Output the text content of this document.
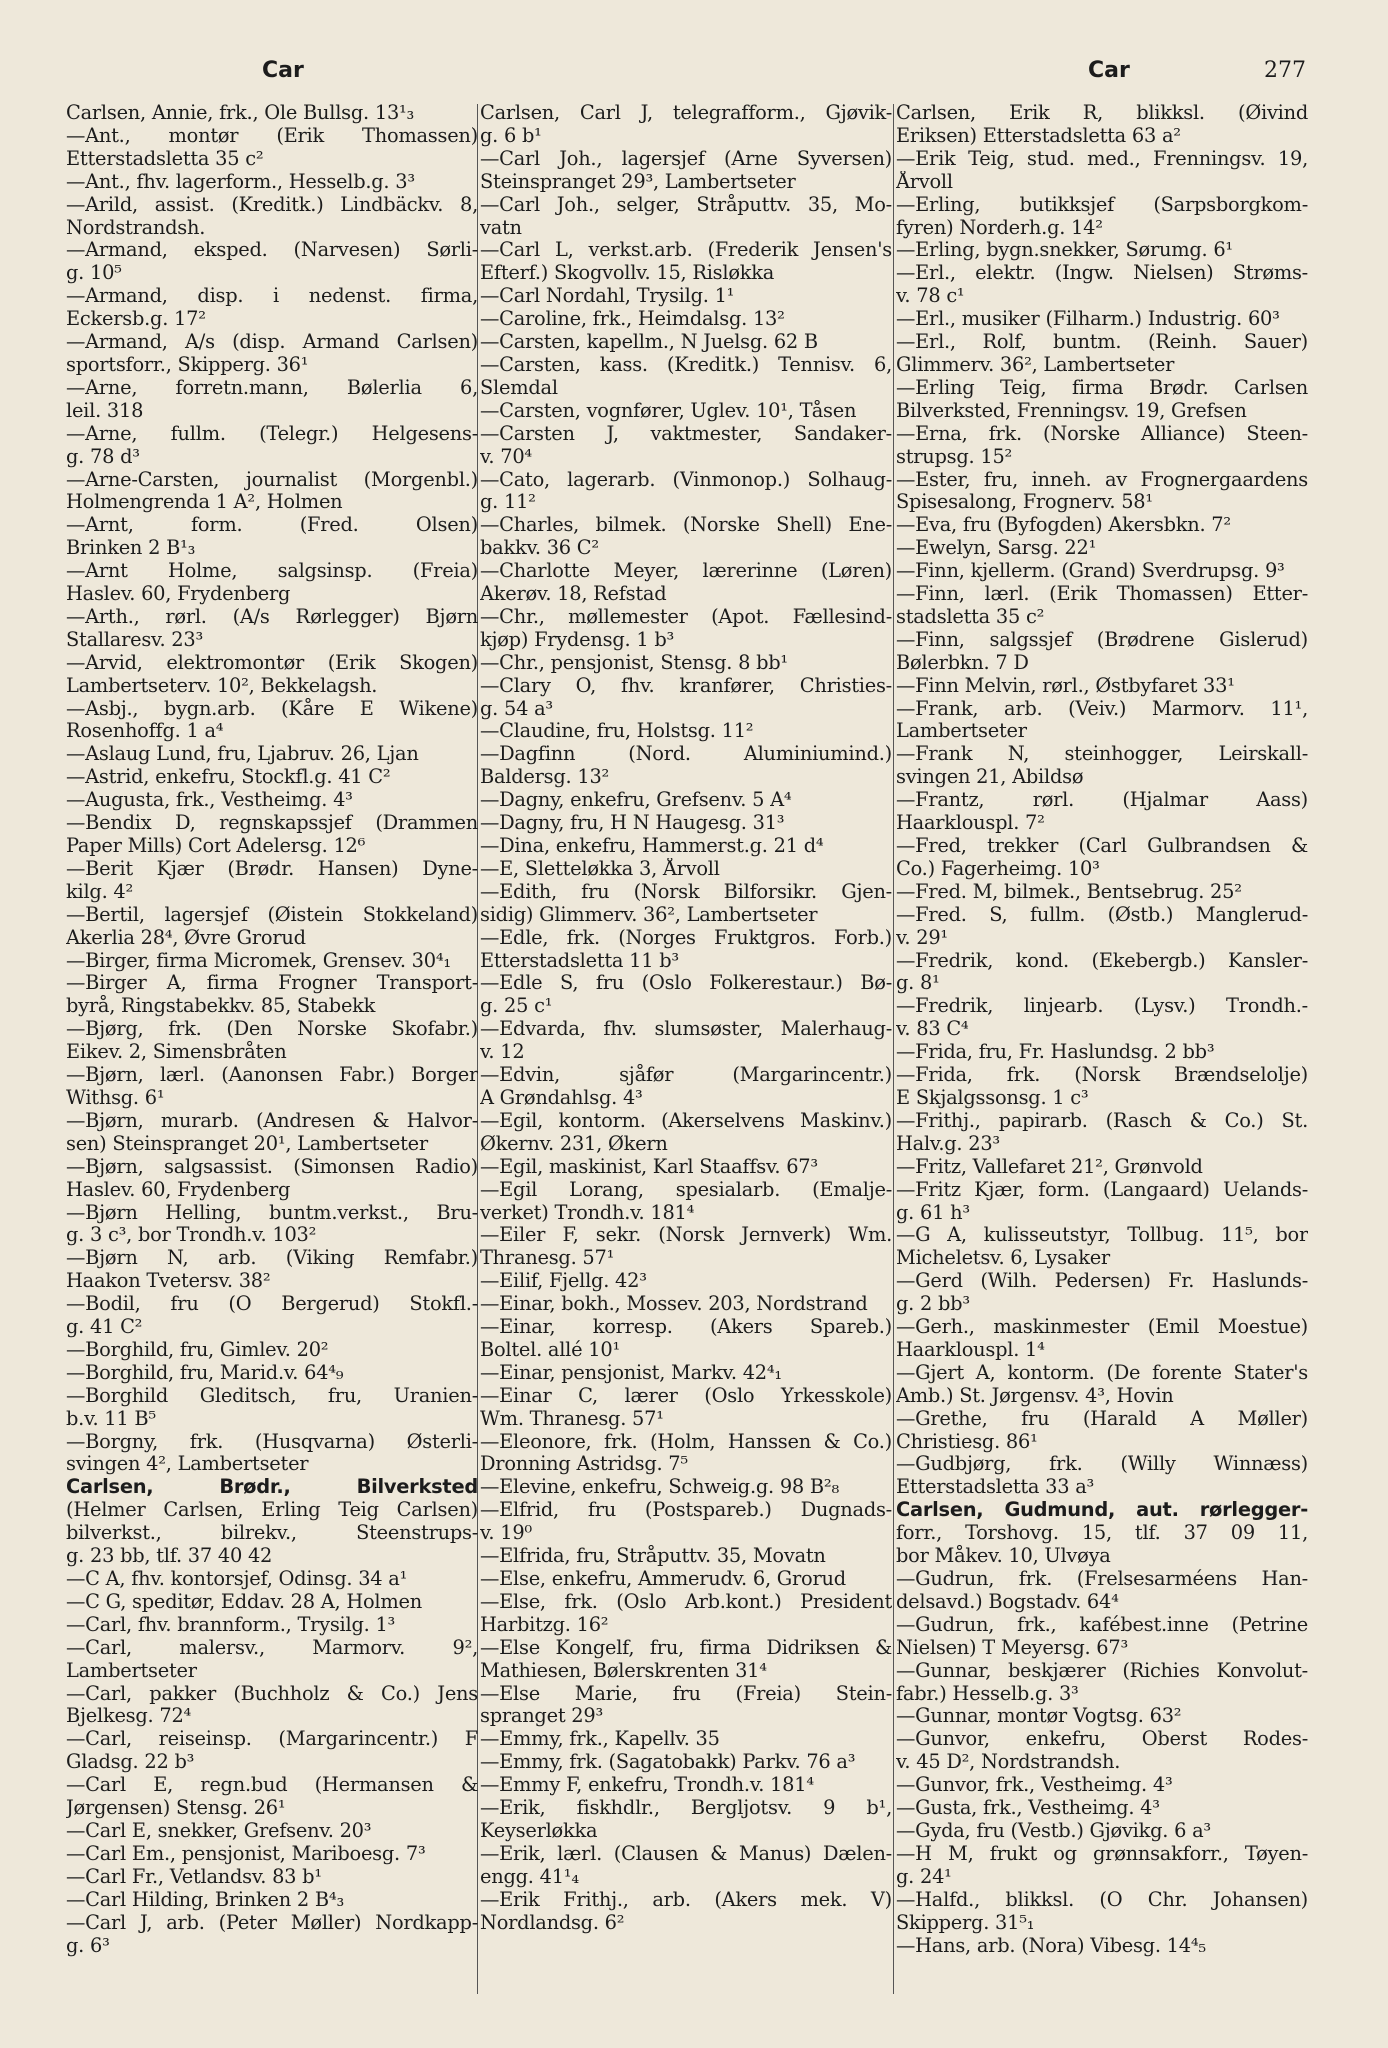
Car	Car	277
Carlsen, Annie, frk., Ole Bullsg. 13¹₃
—Ant., montør (Erik Thomassen)
Etterstadsletta 35 c²
—Ant., fhv. lagerform., Hesselb.g. 3³
—Arild, assist. (Kreditk.) Lindbäckv. 8,
Nordstrandsh.
—Armand, eksped. (Narvesen) Sørli-
g. 10⁵
—Armand, disp. i nedenst. firma,
Eckersb.g. 17²
—Armand, A/s (disp. Armand Carlsen)
sportsforr., Skipperg. 36¹
—Arne, forretn.mann, Bølerlia 6,
leil. 318
—Arne, fullm. (Telegr.) Helgesens-
g. 78 d³
—Arne-Carsten, journalist (Morgenbl.)
Holmengrenda 1 A², Holmen
—Arnt, form. (Fred. Olsen)
Brinken 2 B¹₃
—Arnt Holme, salgsinsp. (Freia)
Haslev. 60, Frydenberg
—Arth., rørl. (A/s Rørlegger) Bjørn
Stallaresv. 23³
—Arvid, elektromontør (Erik Skogen)
Lambertseterv. 10², Bekkelagsh.
—Asbj., bygn.arb. (Kåre E Wikene)
Rosenhoffg. 1 a⁴
—Aslaug Lund, fru, Ljabruv. 26, Ljan
—Astrid, enkefru, Stockfl.g. 41 C²
—Augusta, frk., Vestheimg. 4³
—Bendix D, regnskapssjef (Drammen
Paper Mills) Cort Adelersg. 12⁶
—Berit Kjær (Brødr. Hansen) Dyne-
kilg. 4²
—Bertil, lagersjef (Øistein Stokkeland)
Akerlia 28⁴, Øvre Grorud
—Birger, firma Micromek, Grensev. 30⁴₁
—Birger A, firma Frogner Transport-
byrå, Ringstabekkv. 85, Stabekk
—Bjørg, frk. (Den Norske Skofabr.)
Eikev. 2, Simensbråten
—Bjørn, lærl. (Aanonsen Fabr.) Borger
Withsg. 6¹
—Bjørn, murarb. (Andresen & Halvor-
sen) Steinspranget 20¹, Lambertseter
—Bjørn, salgsassist. (Simonsen Radio)
Haslev. 60, Frydenberg
—Bjørn Helling, buntm.verkst., Bru-
g. 3 c³, bor Trondh.v. 103²
—Bjørn N, arb. (Viking Remfabr.)
Haakon Tvetersv. 38²
—Bodil, fru (O Bergerud) Stokfl.-
g. 41 C²
—Borghild, fru, Gimlev. 20²
—Borghild, fru, Marid.v. 64⁴₉
—Borghild Gleditsch, fru, Uranien-
b.v. 11 B⁵
—Borgny, frk. (Husqvarna) Østerli-
svingen 4², Lambertseter
Carlsen, Brødr., Bilverksted
(Helmer Carlsen, Erling Teig Carlsen)
bilverkst., bilrekv., Steenstrups-
g. 23 bb, tlf. 37 40 42
—C A, fhv. kontorsjef, Odinsg. 34 a¹
—C G, speditør, Eddav. 28 A, Holmen
—Carl, fhv. brannform., Trysilg. 1³
—Carl, malersv., Marmorv. 9²,
Lambertseter
—Carl, pakker (Buchholz & Co.) Jens
Bjelkesg. 72⁴
—Carl, reiseinsp. (Margarincentr.) F
Gladsg. 22 b³
—Carl E, regn.bud (Hermansen &
Jørgensen) Stensg. 26¹
—Carl E, snekker, Grefsenv. 20³
—Carl Em., pensjonist, Mariboesg. 7³
—Carl Fr., Vetlandsv. 83 b¹
—Carl Hilding, Brinken 2 B⁴₃
—Carl J, arb. (Peter Møller) Nordkapp-
g. 6³
Carlsen, Carl J, telegrafform., Gjøvik-
g. 6 b¹
—Carl Joh., lagersjef (Arne Syversen)
Steinspranget 29³, Lambertseter
—Carl Joh., selger, Stråputtv. 35, Mo-
vatn
—Carl L, verkst.arb. (Frederik Jensen's
Efterf.) Skogvollv. 15, Risløkka
—Carl Nordahl, Trysilg. 1¹
—Caroline, frk., Heimdalsg. 13²
—Carsten, kapellm., N Juelsg. 62 B
—Carsten, kass. (Kreditk.) Tennisv. 6,
Slemdal
—Carsten, vognfører, Uglev. 10¹, Tåsen
—Carsten J, vaktmester, Sandaker-
v. 70⁴
—Cato, lagerarb. (Vinmonop.) Solhaug-
g. 11²
—Charles, bilmek. (Norske Shell) Ene-
bakkv. 36 C²
—Charlotte Meyer, lærerinne (Løren)
Akerøv. 18, Refstad
—Chr., møllemester (Apot. Fællesind-
kjøp) Frydensg. 1 b³
—Chr., pensjonist, Stensg. 8 bb¹
—Clary O, fhv. kranfører, Christies-
g. 54 a³
—Claudine, fru, Holstsg. 11²
—Dagfinn (Nord. Aluminiumind.)
Baldersg. 13²
—Dagny, enkefru, Grefsenv. 5 A⁴
—Dagny, fru, H N Haugesg. 31³
—Dina, enkefru, Hammerst.g. 21 d⁴
—E, Sletteløkka 3, Årvoll
—Edith, fru (Norsk Bilforsikr. Gjen-
sidig) Glimmerv. 36², Lambertseter
—Edle, frk. (Norges Fruktgros. Forb.)
Etterstadsletta 11 b³
—Edle S, fru (Oslo Folkerestaur.) Bø-
g. 25 c¹
—Edvarda, fhv. slumsøster, Malerhaug-
v. 12
—Edvin, sjåfør (Margarincentr.)
A Grøndahlsg. 4³
—Egil, kontorm. (Akerselvens Maskinv.)
Økernv. 231, Økern
—Egil, maskinist, Karl Staaffsv. 67³
—Egil Lorang, spesialarb. (Emalje-
verket) Trondh.v. 181⁴
—Eiler F, sekr. (Norsk Jernverk) Wm.
Thranesg. 57¹
—Eilif, Fjellg. 42³
—Einar, bokh., Mossev. 203, Nordstrand
—Einar, korresp. (Akers Spareb.)
Boltel. allé 10¹
—Einar, pensjonist, Markv. 42⁴₁
—Einar C, lærer (Oslo Yrkesskole)
Wm. Thranesg. 57¹
—Eleonore, frk. (Holm, Hanssen & Co.)
Dronning Astridsg. 7⁵
—Elevine, enkefru, Schweig.g. 98 B²₈
—Elfrid, fru (Postspareb.) Dugnads-
v. 19⁰
—Elfrida, fru, Stråputtv. 35, Movatn
—Else, enkefru, Ammerudv. 6, Grorud
—Else, frk. (Oslo Arb.kont.) President
Harbitzg. 16²
—Else Kongelf, fru, firma Didriksen &
Mathiesen, Bølerskrenten 31⁴
—Else Marie, fru (Freia) Stein-
spranget 29³
—Emmy, frk., Kapellv. 35
—Emmy, frk. (Sagatobakk) Parkv. 76 a³
—Emmy F, enkefru, Trondh.v. 181⁴
—Erik, fiskhdlr., Bergljotsv. 9 b¹,
Keyserløkka
—Erik, lærl. (Clausen & Manus) Dælen-
engg. 41¹₄
—Erik Frithj., arb. (Akers mek. V)
Nordlandsg. 6²
Carlsen, Erik R, blikksl. (Øivind
Eriksen) Etterstadsletta 63 a²
—Erik Teig, stud. med., Frenningsv. 19,
Årvoll
—Erling, butikksjef (Sarpsborgkom-
fyren) Norderh.g. 14²
—Erling, bygn.snekker, Sørumg. 6¹
—Erl., elektr. (Ingw. Nielsen) Strøms-
v. 78 c¹
—Erl., musiker (Filharm.) Industrig. 60³
—Erl., Rolf, buntm. (Reinh. Sauer)
Glimmerv. 36², Lambertseter
—Erling Teig, firma Brødr. Carlsen
Bilverksted, Frenningsv. 19, Grefsen
—Erna, frk. (Norske Alliance) Steen-
strupsg. 15²
—Ester, fru, inneh. av Frognergaardens
Spisesalong, Frognerv. 58¹
—Eva, fru (Byfogden) Akersbkn. 7²
—Ewelyn, Sarsg. 22¹
—Finn, kjellerm. (Grand) Sverdrupsg. 9³
—Finn, lærl. (Erik Thomassen) Etter-
stadsletta 35 c²
—Finn, salgssjef (Brødrene Gislerud)
Bølerbkn. 7 D
—Finn Melvin, rørl., Østbyfaret 33¹
—Frank, arb. (Veiv.) Marmorv. 11¹,
Lambertseter
—Frank N, steinhogger, Leirskall-
svingen 21, Abildsø
—Frantz, rørl. (Hjalmar Aass)
Haarklouspl. 7²
—Fred, trekker (Carl Gulbrandsen &
Co.) Fagerheimg. 10³
—Fred. M, bilmek., Bentsebrug. 25²
—Fred. S, fullm. (Østb.) Manglerud-
v. 29¹
—Fredrik, kond. (Ekebergb.) Kansler-
g. 8¹
—Fredrik, linjearb. (Lysv.) Trondh.-
v. 83 C⁴
—Frida, fru, Fr. Haslundsg. 2 bb³
—Frida, frk. (Norsk Brændselolje)
E Skjalgssonsg. 1 c³
—Frithj., papirarb. (Rasch & Co.) St.
Halv.g. 23³
—Fritz, Vallefaret 21², Grønvold
—Fritz Kjær, form. (Langaard) Uelands-
g. 61 h³
—G A, kulisseutstyr, Tollbug. 11⁵, bor
Micheletsv. 6, Lysaker
—Gerd (Wilh. Pedersen) Fr. Haslunds-
g. 2 bb³
—Gerh., maskinmester (Emil Moestue)
Haarklouspl. 1⁴
—Gjert A, kontorm. (De forente Stater's
Amb.) St. Jørgensv. 4³, Hovin
—Grethe, fru (Harald A Møller)
Christiesg. 86¹
—Gudbjørg, frk. (Willy Winnæss)
Etterstadsletta 33 a³
Carlsen, Gudmund, aut. rørlegger-
forr., Torshovg. 15, tlf. 37 09 11,
bor Måkev. 10, Ulvøya
—Gudrun, frk. (Frelsesarméens Han-
delsavd.) Bogstadv. 64⁴
—Gudrun, frk., kafébest.inne (Petrine
Nielsen) T Meyersg. 67³
—Gunnar, beskjærer (Richies Konvolut-
fabr.) Hesselb.g. 3³
—Gunnar, montør Vogtsg. 63²
—Gunvor, enkefru, Oberst Rodes-
v. 45 D², Nordstrandsh.
—Gunvor, frk., Vestheimg. 4³
—Gusta, frk., Vestheimg. 4³
—Gyda, fru (Vestb.) Gjøvikg. 6 a³
—H M, frukt og grønnsakforr., Tøyen-
g. 24¹
—Halfd., blikksl. (O Chr. Johansen)
Skipperg. 31⁵₁
—Hans, arb. (Nora) Vibesg. 14⁴₅
